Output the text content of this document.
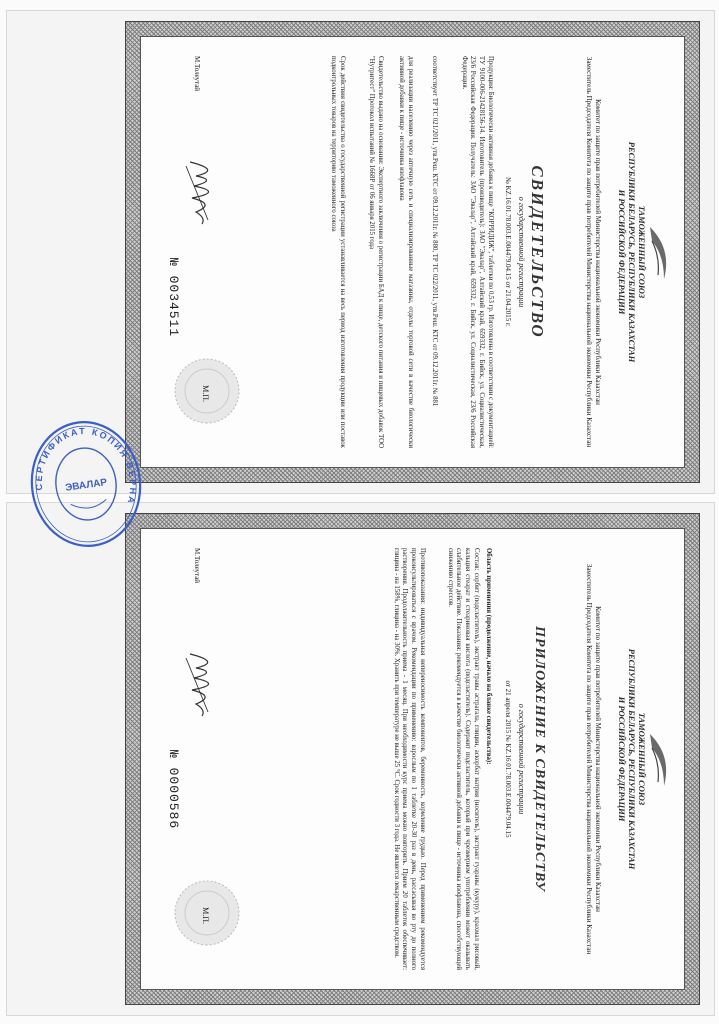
ТАМОЖЕННЫЙ СОЮЗ
РЕСПУБЛИКИ БЕЛАРУСЬ, РЕСПУБЛИКИ КАЗАХСТАН
И РОССИЙСКОЙ ФЕДЕРАЦИИ
Комитет по защите прав потребителей Министерства национальной экономики Республики Казахстан
Заместитель Председателя Комитета по защите прав потребителей Министерства национальной экономики Республики Казахстан
СВИДЕТЕЛЬСТВО
о государственной регистрации
№ KZ.16.01.78.003.Е.004479.04.15 от 21.04.2015 г.
Продукция: Биологически активная добавка к пище "КОРРИДИЖ", таблетки по 0,53 гр. Изготовлена в соответствии с документацией: ТУ 9100-006-21428156-14. Изготовитель (производитель): ЗАО "Эвалар", Алтайский край, 659332, г. Бийск, ул. Социалистическая, 23/6 Российская Федерация. Получатель: ЗАО "Эвалар", Алтайский край, 659332, г. Бийск, ул. Социалистическая, 23/6 Российская Федерация.
соответствует ТР ТС 021/2011, утв.Реш. КТС от 09.12.2011г. № 880, ТР ТС 022/2011, утв.Реш. КТС от 09.12.2011г. № 881
для реализации населению через аптечную сеть и специализированные магазины, отделы торговой сети в качестве биологически активной добавки к пище - источника изофлавона
Свидетельство выдано на основании: Экспертного заключения о регистрации БАД к пище, детского питания и пищевых добавок ТОО "Нутритест" Протокол испытаний № 1668Р от 06 января 2015 года
Срок действия свидетельства о государственной регистрации устанавливается на весь период изготовления продукции или поставок подконтрольных товаров на территорию таможенного союза
М.Толеутай
М.П.
№ 0034511
ТАМОЖЕННЫЙ СОЮЗ
РЕСПУБЛИКИ БЕЛАРУСЬ, РЕСПУБЛИКИ КАЗАХСТАН
И РОССИЙСКОЙ ФЕДЕРАЦИИ
Комитет по защите прав потребителей Министерства национальной экономики Республики Казахстан
Заместитель Председателя Комитета по защите прав потребителей Министерства национальной экономики Республики Казахстан
ПРИЛОЖЕНИЕ К СВИДЕТЕЛЬСТВУ
о государственной регистрации
от 21 апреля 2015 № KZ.16.01.78.003.Е.004479.04.15
Область применения (продолжение, начало на бланке свидетельства):
Состав: сорбит (подсластитель), экстракт травы астрагала, глицин, аскорбат натрия (носитель), экстракт гуараны (кукуру), крахмал рисовый, кальция стеарат и стеариновая кислота (подсластитель). Содержит подсластитель, который при чрезмерном употреблении может оказывать слабительное действие. Показания: рекомендуется в качестве биологически активной добавки к пище - источника изофлавона, способствующей снижению стрессов.
Противопоказания: индивидуальная непереносимость компонентов, беременность, кормление грудью. Перед применением рекомендуется проконсультироваться с врачом. Рекомендации по применению: взрослым по 1 таблетке 20-30 раз в день, рассасывая во рту до полного растворения. Продолжительность приема - 1 месяц. При необходимости курс приема можно повторить. Прием 20 таблеток обеспечивает: глицина - на 158%, глицина - на 30%. Хранить при температуре не выше 25 °С. Срок годности 3 года. Не является лекарственным средством.
М.Толеутай
М.П.
№ 0000586
СЕРТИФИКАТ КОПИЯ ВЕРНА
ЭВАЛАР
